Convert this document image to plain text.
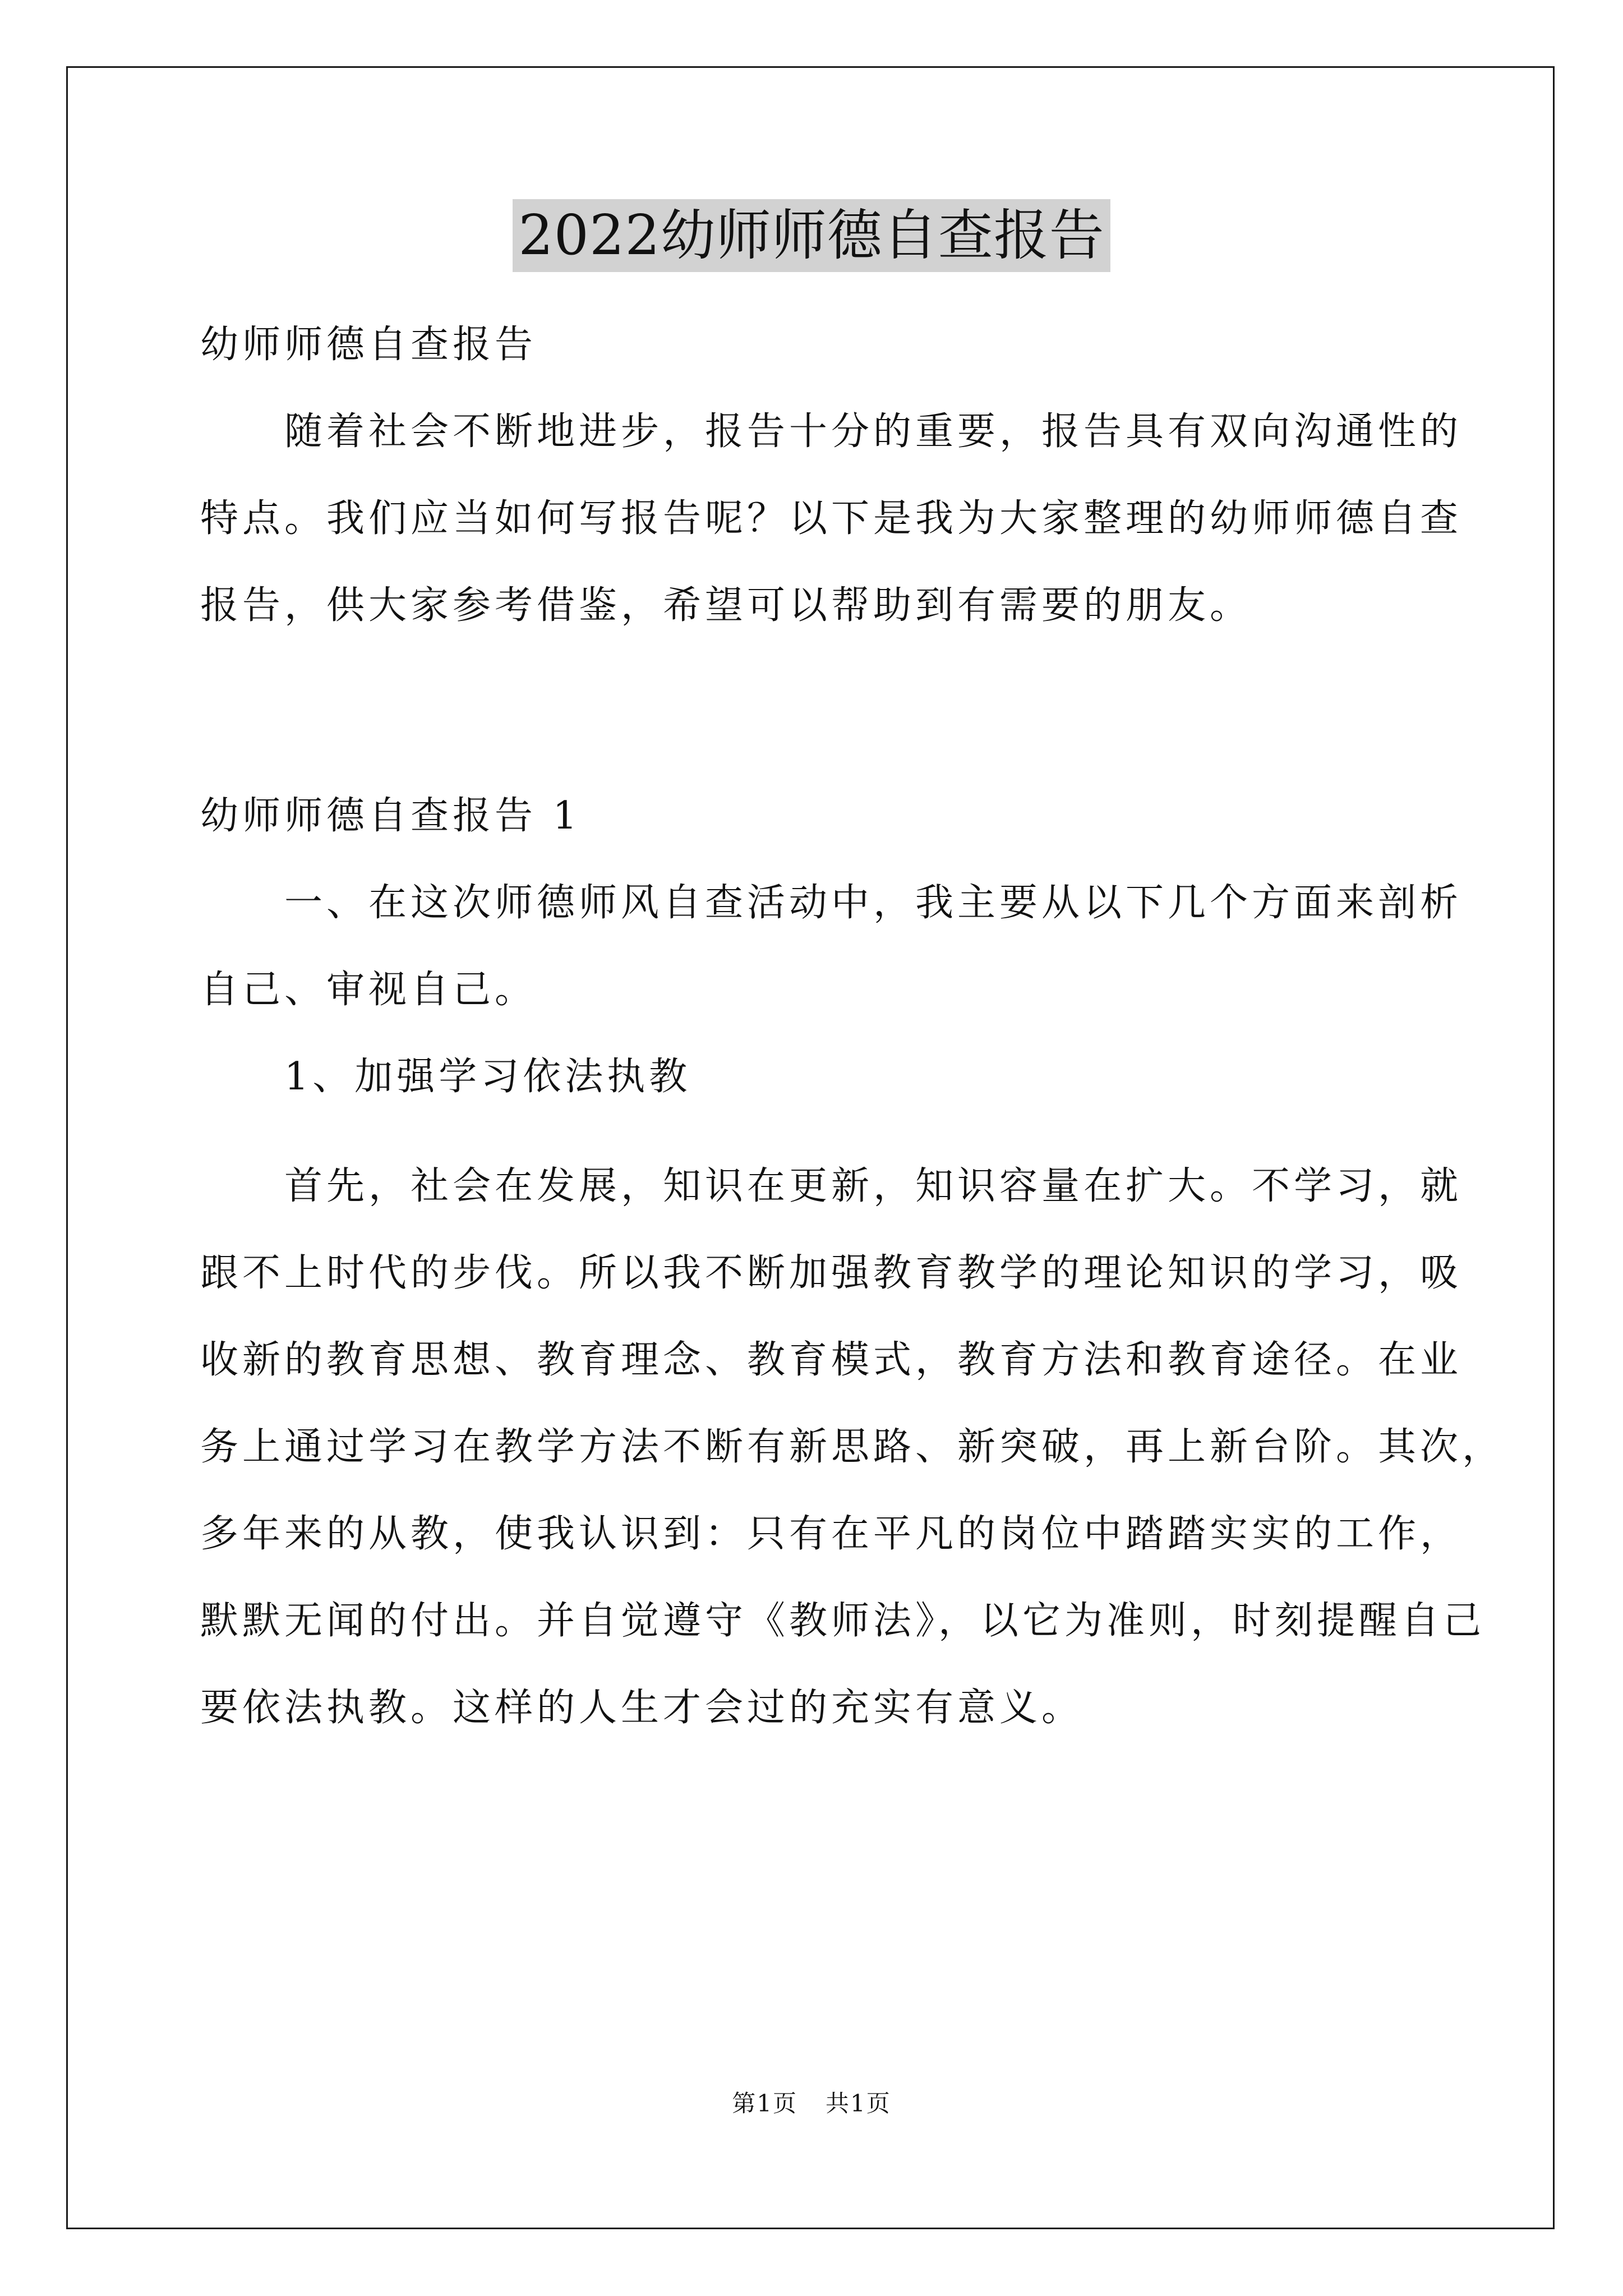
2022幼师师德自查报告
幼师师德自查报告
　　随着社会不断地进步，报告十分的重要，报告具有双向沟通性的
特点。我们应当如何写报告呢？以下是我为大家整理的幼师师德自查
报告，供大家参考借鉴，希望可以帮助到有需要的朋友。
幼师师德自查报告 1
　　一、在这次师德师风自查活动中，我主要从以下几个方面来剖析
自己、审视自己。
　　1、加强学习依法执教
　　首先，社会在发展，知识在更新，知识容量在扩大。不学习，就
跟不上时代的步伐。所以我不断加强教育教学的理论知识的学习，吸
收新的教育思想、教育理念、教育模式，教育方法和教育途径。在业
务上通过学习在教学方法不断有新思路、新突破，再上新台阶。其次，
多年来的从教，使我认识到：只有在平凡的岗位中踏踏实实的工作，
默默无闻的付出。并自觉遵守《教师法》，以它为准则，时刻提醒自己
要依法执教。这样的人生才会过的充实有意义。
第1页 共1页
